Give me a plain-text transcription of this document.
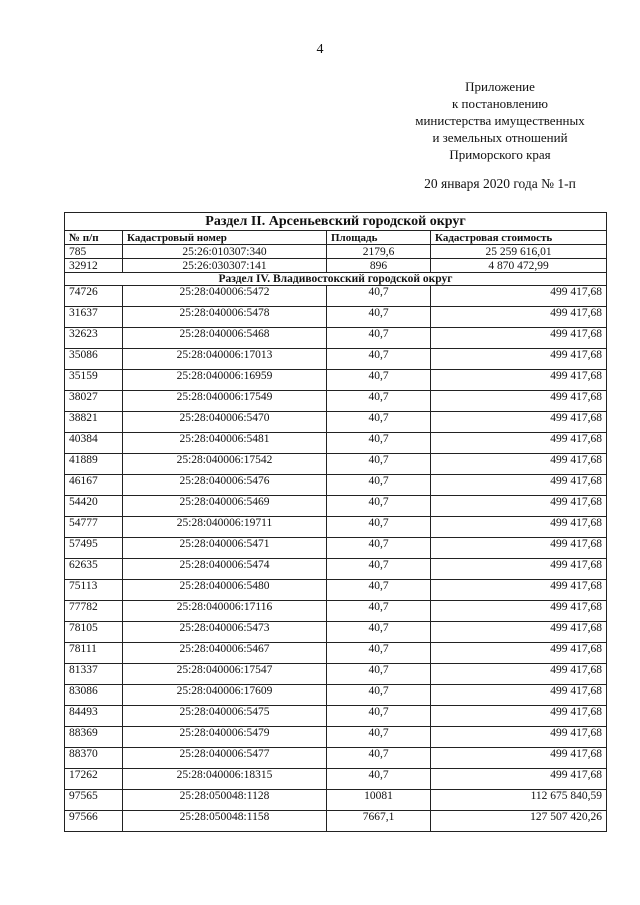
4
Приложение
к постановлению
министерства имущественных
и земельных отношений
Приморского края
20 января 2020 года № 1-п
Раздел II. Арсеньевский городской округ			
№ п/п	Кадастровый номер	Площадь	Кадастровая стоимость
785	25:26:010307:340	2179,6	25 259 616,01
32912	25:26:030307:141	896	4 870 472,99
Раздел IV. Владивостокский городской округ			
74726	25:28:040006:5472	40,7	499 417,68
31637	25:28:040006:5478	40,7	499 417,68
32623	25:28:040006:5468	40,7	499 417,68
35086	25:28:040006:17013	40,7	499 417,68
35159	25:28:040006:16959	40,7	499 417,68
38027	25:28:040006:17549	40,7	499 417,68
38821	25:28:040006:5470	40,7	499 417,68
40384	25:28:040006:5481	40,7	499 417,68
41889	25:28:040006:17542	40,7	499 417,68
46167	25:28:040006:5476	40,7	499 417,68
54420	25:28:040006:5469	40,7	499 417,68
54777	25:28:040006:19711	40,7	499 417,68
57495	25:28:040006:5471	40,7	499 417,68
62635	25:28:040006:5474	40,7	499 417,68
75113	25:28:040006:5480	40,7	499 417,68
77782	25:28:040006:17116	40,7	499 417,68
78105	25:28:040006:5473	40,7	499 417,68
78111	25:28:040006:5467	40,7	499 417,68
81337	25:28:040006:17547	40,7	499 417,68
83086	25:28:040006:17609	40,7	499 417,68
84493	25:28:040006:5475	40,7	499 417,68
88369	25:28:040006:5479	40,7	499 417,68
88370	25:28:040006:5477	40,7	499 417,68
17262	25:28:040006:18315	40,7	499 417,68
97565	25:28:050048:1128	10081	112 675 840,59
97566	25:28:050048:1158	7667,1	127 507 420,26
